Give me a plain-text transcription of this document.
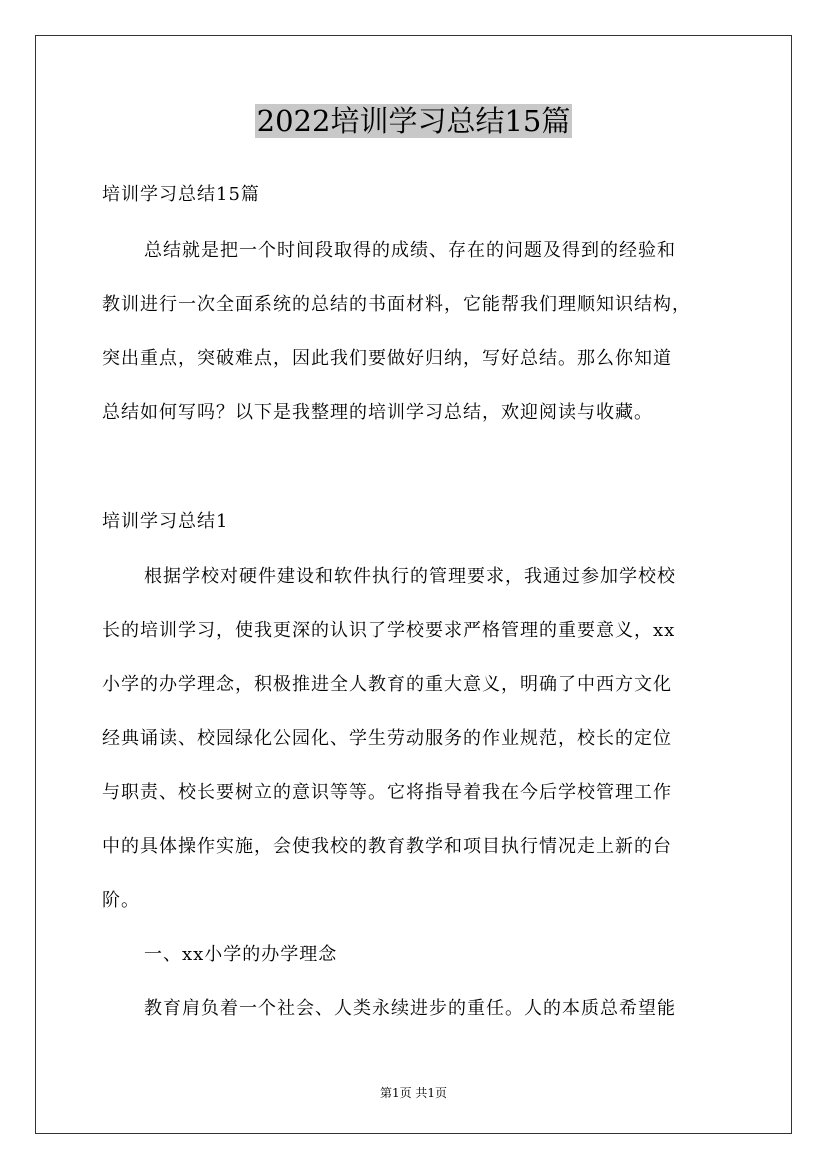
2022培训学习总结15篇
培训学习总结15篇
总结就是把一个时间段取得的成绩、存在的问题及得到的经验和
教训进行一次全面系统的总结的书面材料，它能帮我们理顺知识结构，
突出重点，突破难点，因此我们要做好归纳，写好总结。那么你知道
总结如何写吗？以下是我整理的培训学习总结，欢迎阅读与收藏。
培训学习总结1
根据学校对硬件建设和软件执行的管理要求，我通过参加学校校
长的培训学习，使我更深的认识了学校要求严格管理的重要意义，xx
小学的办学理念，积极推进全人教育的重大意义，明确了中西方文化
经典诵读、校园绿化公园化、学生劳动服务的作业规范，校长的定位
与职责、校长要树立的意识等等。它将指导着我在今后学校管理工作
中的具体操作实施，会使我校的教育教学和项目执行情况走上新的台
阶。
一、xx小学的办学理念
教育肩负着一个社会、人类永续进步的重任。人的本质总希望能
第1页 共1页
